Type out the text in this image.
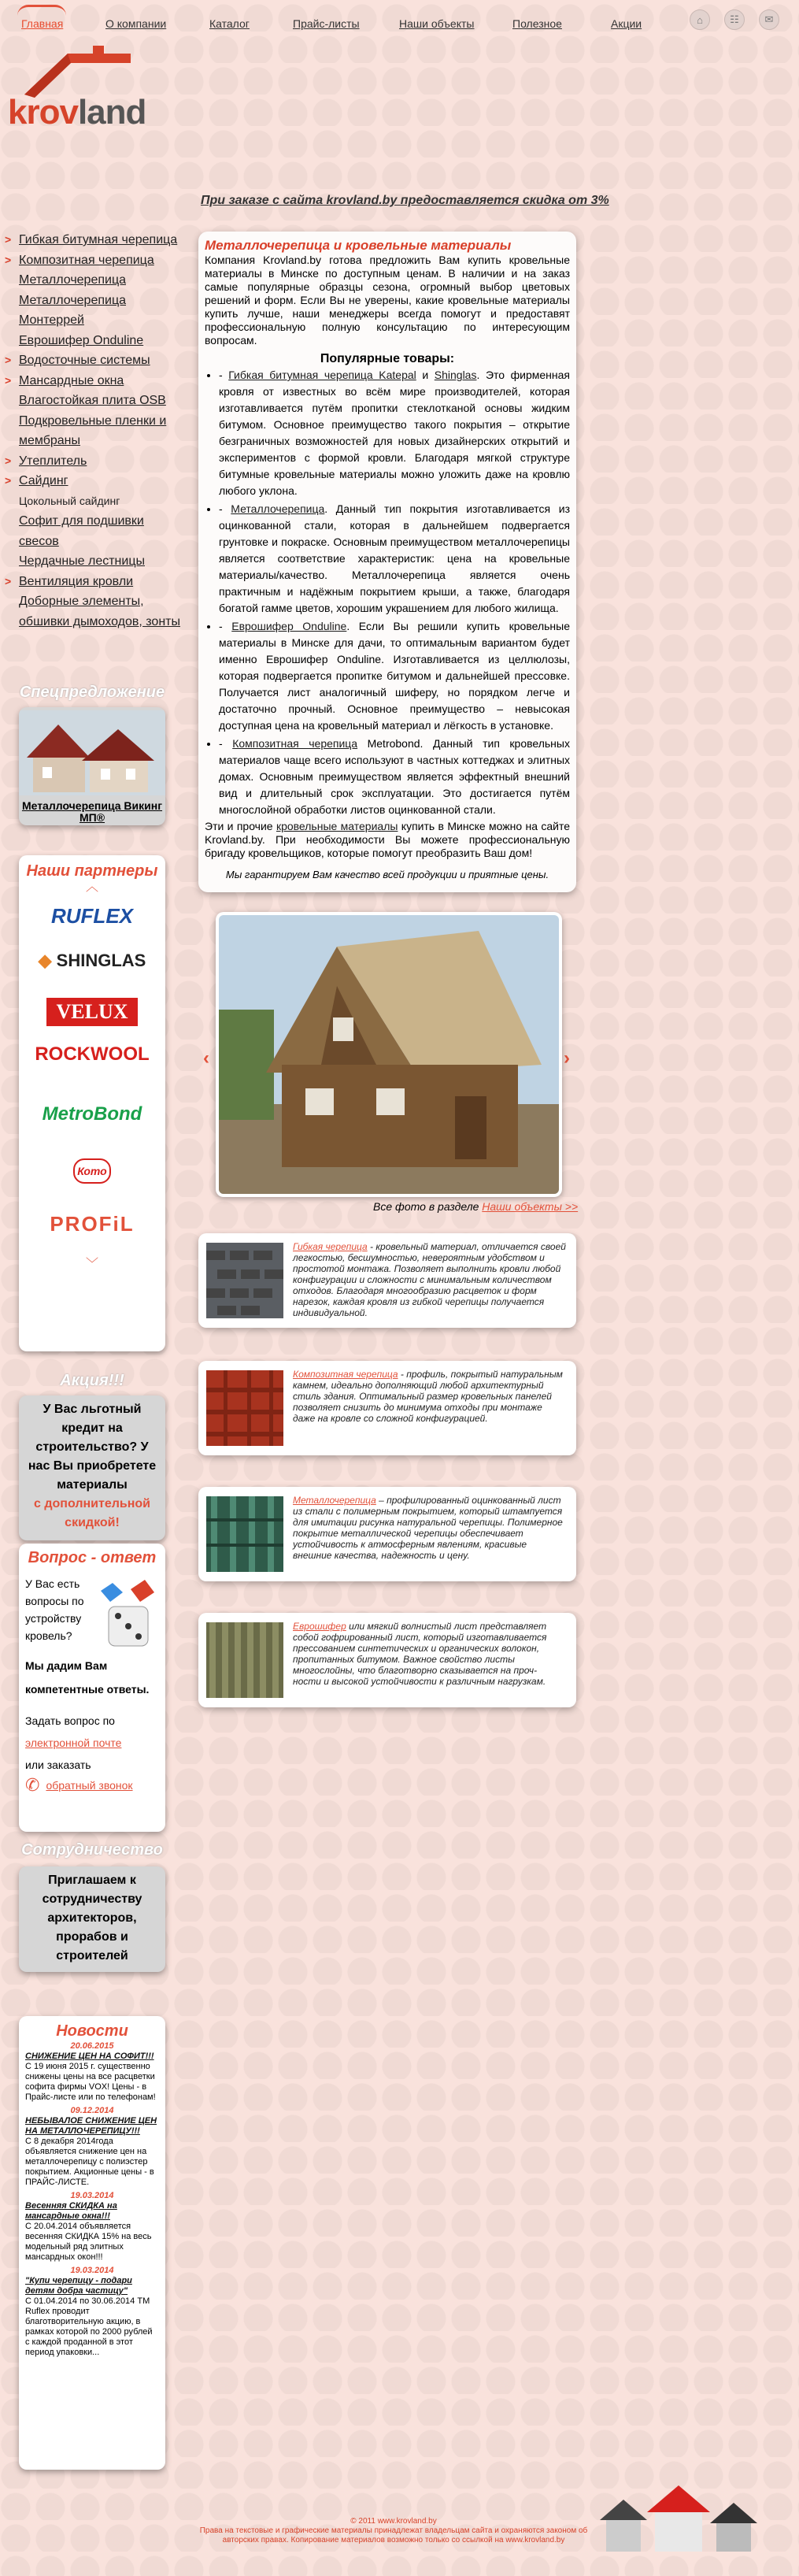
Главная	О компании	Каталог	Прайс-листы	Наши объекты	Полезное	Акции	⌂	☷	✉
krovland
При заказе с сайта krovland.by предоставляется скидка от 3%
> Гибкая битумная черепица
> Композитная черепица
Металлочерепица
Металлочерепица
Монтеррей
Еврошифер Onduline
> Водосточные системы
> Мансардные окна
Влагостойкая плита OSB
Подкровельные пленки и мембраны
> Утеплитель
> Сайдинг
Цокольный сайдинг
Софит для подшивки свесов
Чердачные лестницы
> Вентиляция кровли
Доборные элементы, обшивки дымоходов, зонты
Спецпредложение
Металлочерепица Викинг МП®
Наши партнеры
︿
RUFLEX
◆ SHINGLAS
VELUX
ROCKWOOL
MetroBond
Кото
PROFiL
﹀
Акция!!!
У Вас льготный кредит на строительство? У нас Вы приобретете материалы
с дополнительной скидкой!
Вопрос - ответ
У Вас есть вопросы по устройству кровель?
Мы дадим Вам компетентные ответы.
Задать вопрос по
электронной почте
или заказать
✆ обратный звонок
Сотрудничество
Приглашаем к сотрудничеству архитекторов, прорабов и строителей
Новости
20.06.2015
СНИЖЕНИЕ ЦЕН НА СОФИТ!!!
С 19 июня 2015 г. существенно снижены цены на все расцветки софита фирмы VOX! Цены - в Прайс-листе или по телефонам!
09.12.2014
НЕБЫВАЛОЕ СНИЖЕНИЕ ЦЕН НА МЕТАЛЛОЧЕРЕПИЦУ!!!
С 8 декабря 2014года объявляется снижение цен на металлочерепицу с полиэстер покрытием. Акционные цены - в ПРАЙС-ЛИСТЕ.
19.03.2014
Весенняя СКИДКА на мансардные окна!!!
С 20.04.2014 объявляется весенняя СКИДКА 15% на весь модельный ряд элитных мансардных окон!!!
19.03.2014
"Купи черепицу - подари детям добра частицу"
С 01.04.2014 по 30.06.2014 ТМ Ruflex проводит благотворительную акцию, в рамках которой по 2000 рублей с каждой проданной в этот период упаковки...
Металлочерепица и кровельные материалы

Компания Krovland.by готова предложить Вам купить кровельные материалы в Минске по доступным ценам. В наличии и на заказ самые популярные образцы сезона, огромный выбор цветовых решений и форм. Если Вы не уверены, какие кровельные материалы купить лучше, наши менеджеры всегда помогут и предоставят профессиональную полную консультацию по интересующим вопросам.

Популярные товары:
• - Гибкая битумная черепица Katepal и Shinglas. Это фирменная кровля от известных во всём мире производителей, которая изготавливается путём пропитки стеклотканой основы жидким битумом. Основное преимущество такого покрытия – открытие безграничных возможностей для новых дизайнерских открытий и экспериментов с формой кровли. Благодаря мягкой структуре битумные кровельные материалы можно уложить даже на кровлю любого уклона.
• - Металлочерепица. Данный тип покрытия изготавливается из оцинкованной стали, которая в дальнейшем подвергается грунтовке и покраске. Основным преимуществом металлочерепицы является соответствие характеристик: цена на кровельные материалы/качество. Металлочерепица является очень практичным и надёжным покрытием крыши, а также, благодаря богатой гамме цветов, хорошим украшением для любого жилища.
• - Еврошифер Onduline. Если Вы решили купить кровельные материалы в Минске для дачи, то оптимальным вариантом будет именно Еврошифер Onduline. Изготавливается из целлюлозы, которая подвергается пропитке битумом и дальнейшей прессовке. Получается лист аналогичный шиферу, но порядком легче и достаточно прочный. Основное преимущество – невысокая доступная цена на кровельный материал и лёгкость в установке.
• - Композитная черепица Metrobond. Данный тип кровельных материалов чаще всего используют в частных коттеджах и элитных домах. Основным преимуществом является эффектный внешний вид и длительный срок эксплуатации. Это достигается путём многослойной обработки листов оцинкованной стали.

Эти и прочие кровельные материалы купить в Минске можно на сайте Krovland.by. При необходимости Вы можете профессиональную бригаду кровельщиков, которые помогут преобразить Ваш дом!

Мы гарантируем Вам качество всей продукции и приятные цены.
‹	›
Все фото в разделе Наши объекты >>
Гибкая черепица - кровельный материал, отличается своей легкостью, бесшумностью, невероятным удобством и простотой монтажа. Позволяет выполнить кровли любой конфигурации и сложности с минимальным количеством отходов. Благодаря многообразию расцветок и форм нарезок, каждая кровля из гибкой черепицы получается индивидуальной.
Композитная черепица - профиль, покрытый натуральным камнем, идеально дополняющий любой архитектурный стиль здания. Оптимальный размер кровельных панелей позволяет снизить до минимума отходы при монтаже даже на кровле со сложной конфигурацией.
Металлочерепица – профилированный оцинкованный лист из стали с полимерным покрытием, который штампуется для имитации рисунка натуральной черепицы. Полимерное покрытие металлической черепицы обеспечивает устойчивость к атмосферным явлениям, красивые внешние качества, надежность и цену.
Еврошифер или мягкий волнистый лист представляет собой гофрированный лист, который изготавливается прессованием синтетических и органических волокон, пропитанных битумом. Важное свойство листы многослойны, что благотворно сказывается на проч- ности и высокой устойчивости к различным нагрузкам.
© 2011 www.krovland.by
Права на текстовые и графические материалы принадлежат владельцам сайта и охраняются законом об авторских правах. Копирование материалов возможно только со ссылкой на www.krovland.by
